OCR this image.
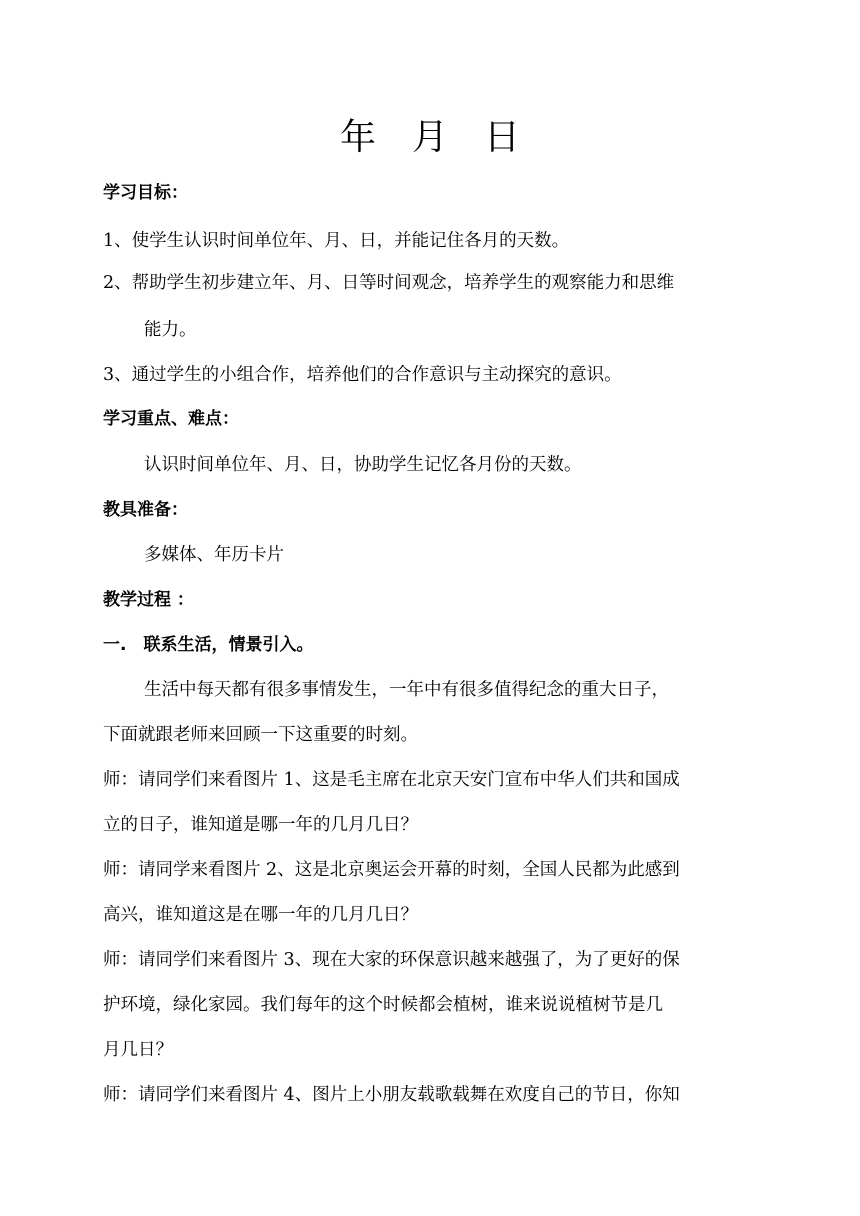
年　月　日
学习目标：
1、使学生认识时间单位年、月、日，并能记住各月的天数。
2、帮助学生初步建立年、月、日等时间观念，培养学生的观察能力和思维
能力。
3、通过学生的小组合作，培养他们的合作意识与主动探究的意识。
学习重点、难点：
认识时间单位年、月、日，协助学生记忆各月份的天数。
教具准备：
多媒体、年历卡片
教学过程 ：
一.　联系生活，情景引入。
生活中每天都有很多事情发生，一年中有很多值得纪念的重大日子，
下面就跟老师来回顾一下这重要的时刻。
师：请同学们来看图片 1、这是毛主席在北京天安门宣布中华人们共和国成
立的日子，谁知道是哪一年的几月几日？
师：请同学来看图片 2、这是北京奥运会开幕的时刻，全国人民都为此感到
高兴，谁知道这是在哪一年的几月几日？
师：请同学们来看图片 3、现在大家的环保意识越来越强了，为了更好的保
护环境，绿化家园。我们每年的这个时候都会植树，谁来说说植树节是几
月几日？
师：请同学们来看图片 4、图片上小朋友载歌载舞在欢度自己的节日，你知
